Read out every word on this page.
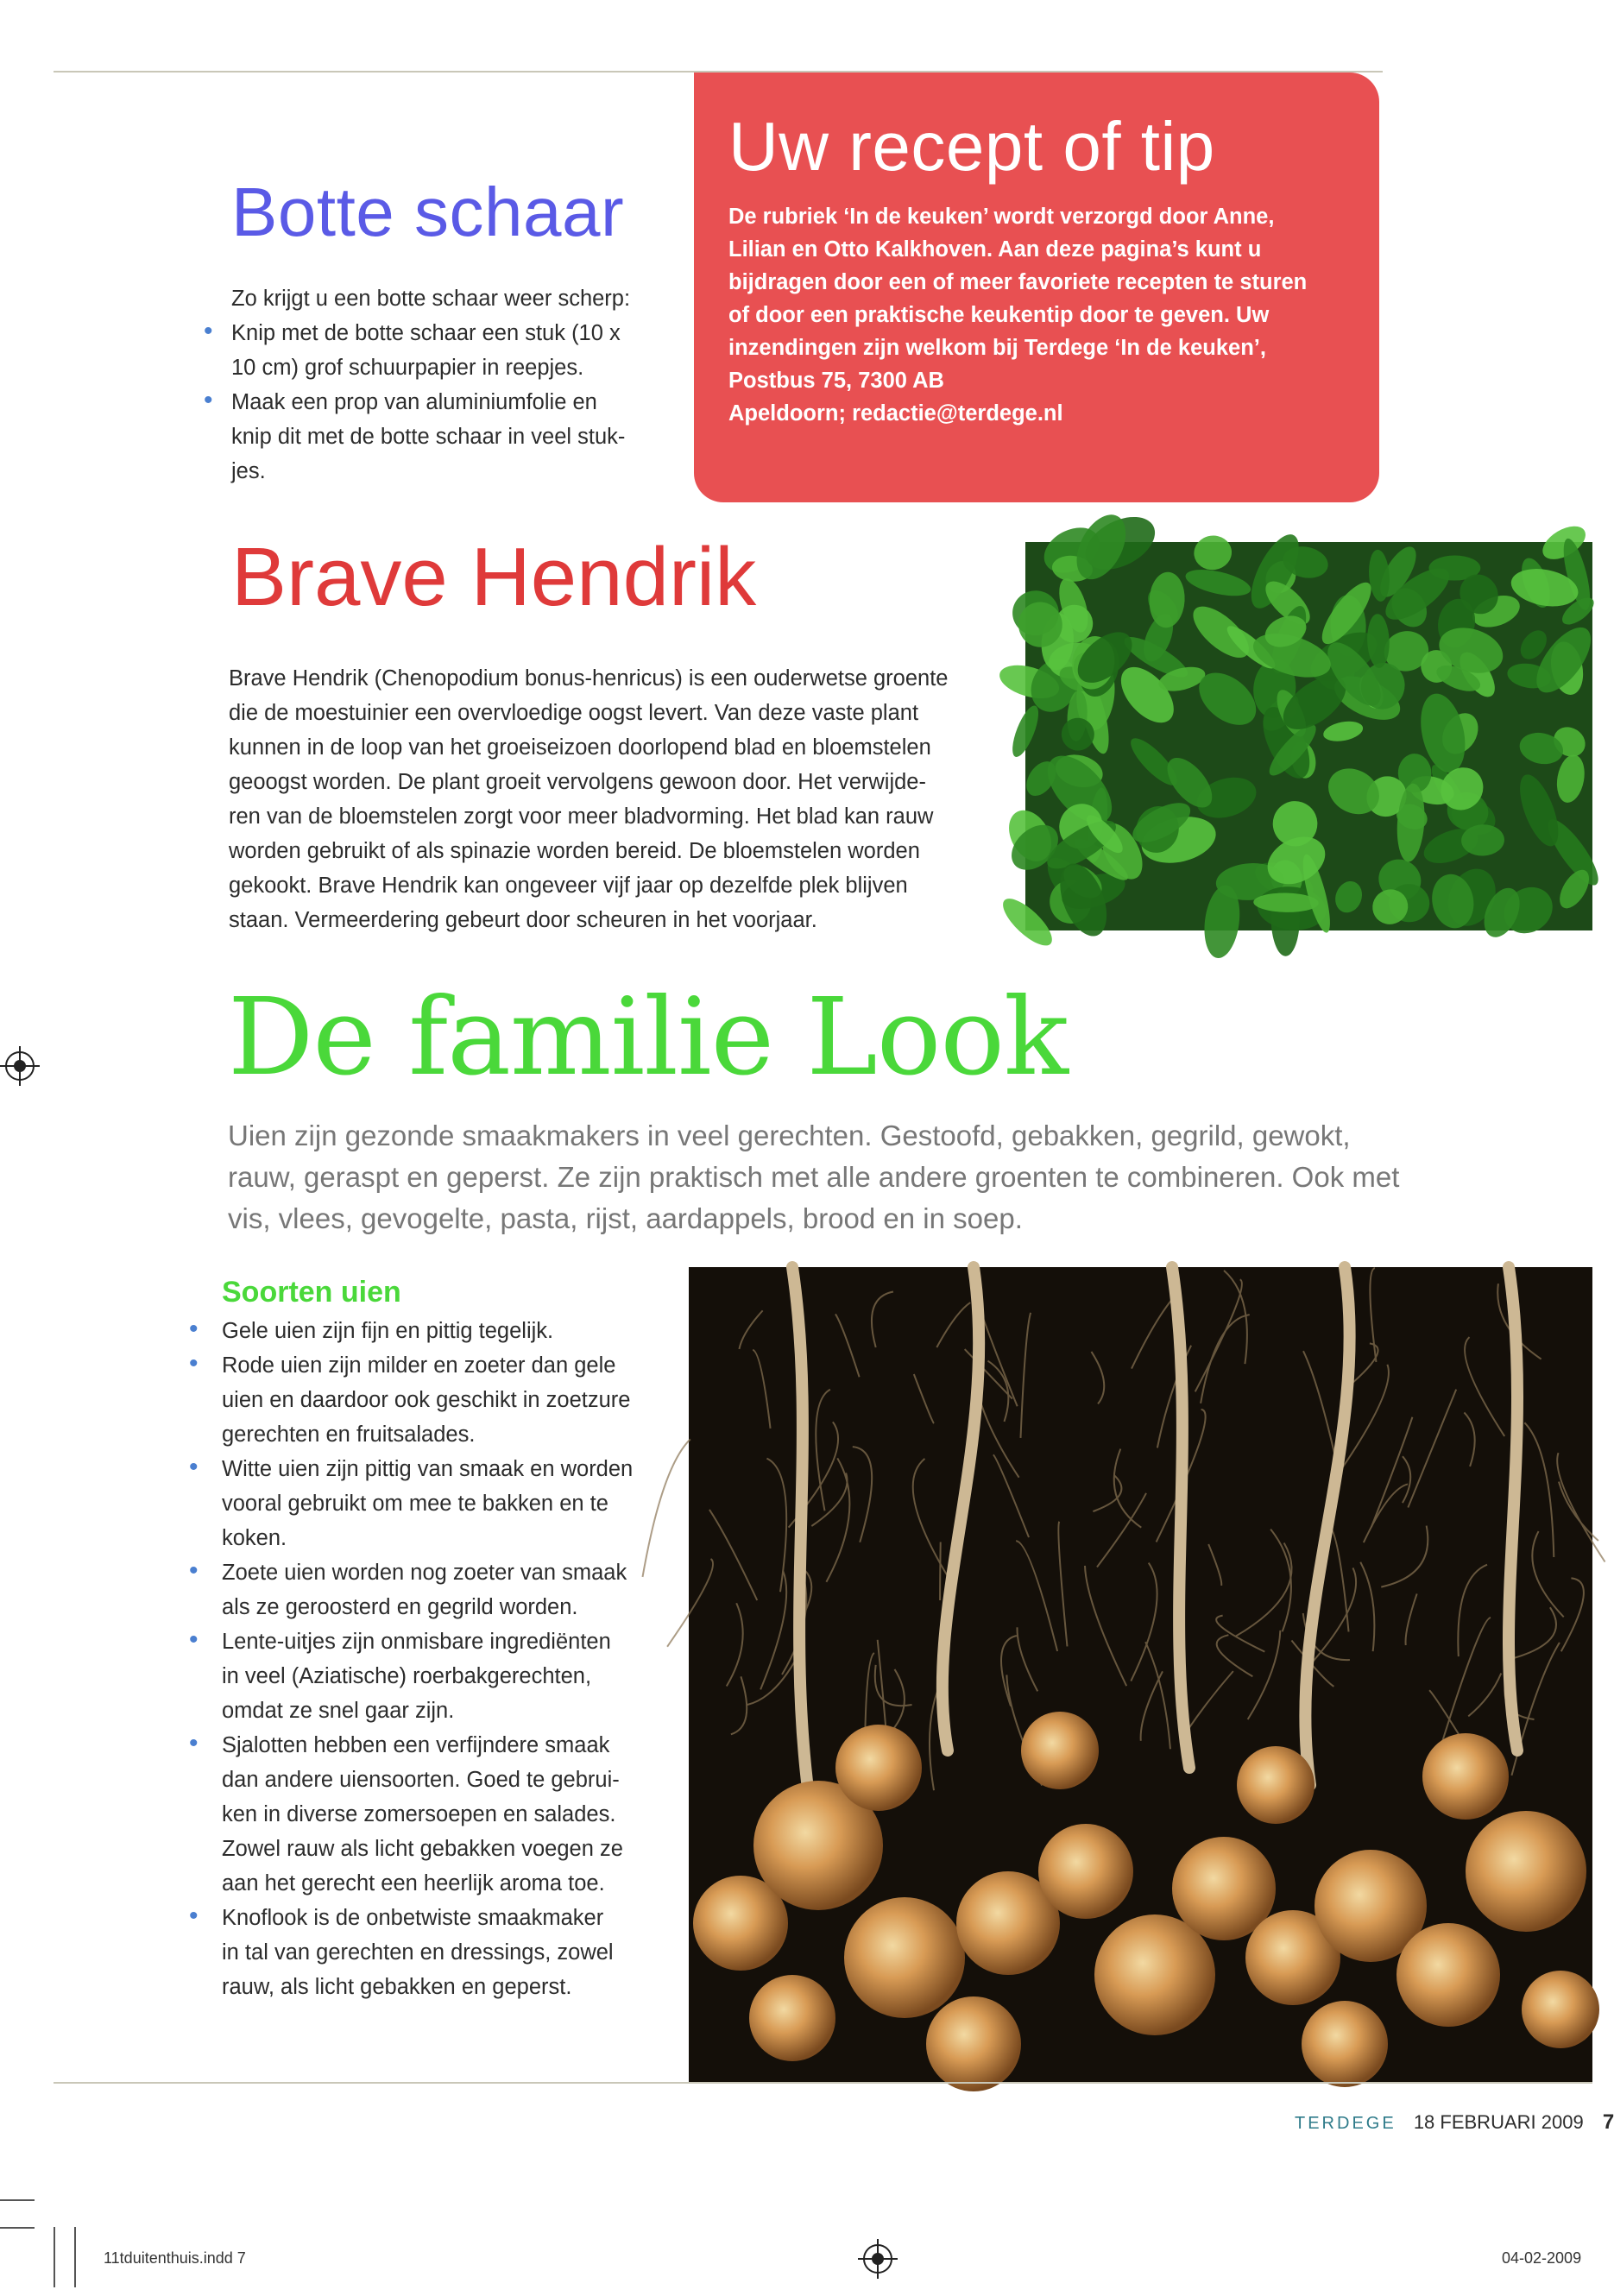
Botte schaar
Zo krijgt u een botte schaar weer scherp:
• Knip met de botte schaar een stuk (10 x
10 cm) grof schuurpapier in reepjes.
• Maak een prop van aluminiumfolie en
knip dit met de botte schaar in veel stuk-
jes.
Uw recept of tip
De rubriek ‘In de keuken’ wordt verzorgd door Anne,
Lilian en Otto Kalkhoven. Aan deze pagina’s kunt u
bijdragen door een of meer favoriete recepten te sturen
of door een praktische keukentip door te geven. Uw
inzendingen zijn welkom bij Terdege ‘In de keuken’,
Postbus 75, 7300 AB
Apeldoorn; redactie@terdege.nl
Brave Hendrik
Brave Hendrik (Chenopodium bonus-henricus) is een ouderwetse groente
die de moestuinier een overvloedige oogst levert. Van deze vaste plant
kunnen in de loop van het groeiseizoen doorlopend blad en bloemstelen
geoogst worden. De plant groeit vervolgens gewoon door. Het verwijde-
ren van de bloemstelen zorgt voor meer bladvorming. Het blad kan rauw
worden gebruikt of als spinazie worden bereid. De bloemstelen worden
gekookt. Brave Hendrik kan ongeveer vijf jaar op dezelfde plek blijven
staan. Vermeerdering gebeurt door scheuren in het voorjaar.
De familie Look
Uien zijn gezonde smaakmakers in veel gerechten. Gestoofd, gebakken, gegrild, gewokt,
rauw, geraspt en geperst. Ze zijn praktisch met alle andere groenten te combineren. Ook met
vis, vlees, gevogelte, pasta, rijst, aardappels, brood en in soep.
Soorten uien
• Gele uien zijn fijn en pittig tegelijk.
• Rode uien zijn milder en zoeter dan gele
uien en daardoor ook geschikt in zoetzure
gerechten en fruitsalades.
• Witte uien zijn pittig van smaak en worden
vooral gebruikt om mee te bakken en te
koken.
• Zoete uien worden nog zoeter van smaak
als ze geroosterd en gegrild worden.
• Lente-uitjes zijn onmisbare ingrediënten
in veel (Aziatische) roerbakgerechten,
omdat ze snel gaar zijn.
• Sjalotten hebben een verfijndere smaak
dan andere uiensoorten. Goed te gebrui-
ken in diverse zomersoepen en salades.
Zowel rauw als licht gebakken voegen ze
aan het gerecht een heerlijk aroma toe.
• Knoflook is de onbetwiste smaakmaker
in tal van gerechten en dressings, zowel
rauw, als licht gebakken en geperst.
TERDEGE 18 FEBRUARI 2009 7
11tduitenthuis.indd 7	04-02-2009
